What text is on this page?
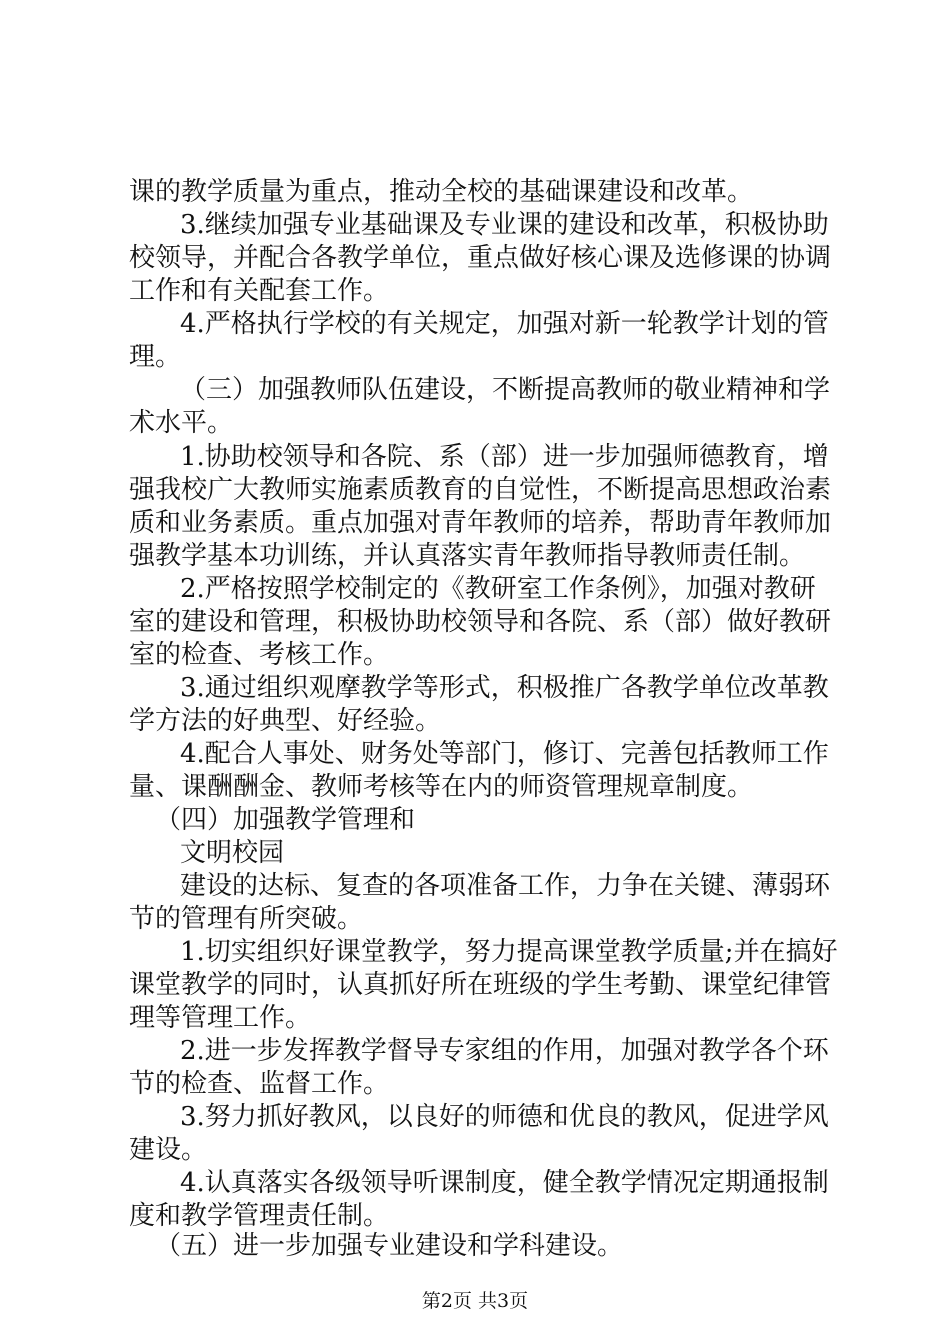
课的教学质量为重点，推动全校的基础课建设和改革。
3.继续加强专业基础课及专业课的建设和改革，积极协助
校领导，并配合各教学单位，重点做好核心课及选修课的协调
工作和有关配套工作。
4.严格执行学校的有关规定，加强对新一轮教学计划的管
理。
（三）加强教师队伍建设，不断提高教师的敬业精神和学
术水平。
1.协助校领导和各院、系（部）进一步加强师德教育，增
强我校广大教师实施素质教育的自觉性，不断提高思想政治素
质和业务素质。重点加强对青年教师的培养，帮助青年教师加
强教学基本功训练，并认真落实青年教师指导教师责任制。
2.严格按照学校制定的《教研室工作条例》，加强对教研
室的建设和管理，积极协助校领导和各院、系（部）做好教研
室的检查、考核工作。
3.通过组织观摩教学等形式，积极推广各教学单位改革教
学方法的好典型、好经验。
4.配合人事处、财务处等部门，修订、完善包括教师工作
量、课酬酬金、教师考核等在内的师资管理规章制度。
（四）加强教学管理和
文明校园
建设的达标、复查的各项准备工作，力争在关键、薄弱环
节的管理有所突破。
1.切实组织好课堂教学，努力提高课堂教学质量;并在搞好
课堂教学的同时，认真抓好所在班级的学生考勤、课堂纪律管
理等管理工作。
2.进一步发挥教学督导专家组的作用，加强对教学各个环
节的检查、监督工作。
3.努力抓好教风，以良好的师德和优良的教风，促进学风
建设。
4.认真落实各级领导听课制度，健全教学情况定期通报制
度和教学管理责任制。
（五）进一步加强专业建设和学科建设。
第2页 共3页
